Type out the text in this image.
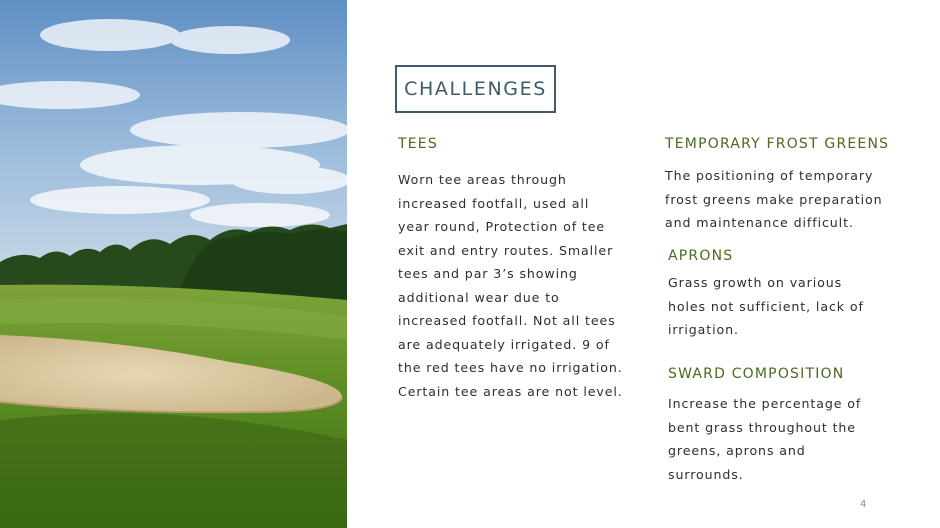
CHALLENGES
TEES
Worn tee areas through
increased footfall, used all
year round, Protection of tee
exit and entry routes. Smaller
tees and par 3’s showing
additional wear due to
increased footfall. Not all tees
are adequately irrigated. 9 of
the red tees have no irrigation.
Certain tee areas are not level.
TEMPORARY FROST GREENS
The positioning of temporary
frost greens make preparation
and maintenance difficult.
APRONS
Grass growth on various
holes not sufficient, lack of
irrigation.
SWARD COMPOSITION
Increase the percentage of
bent grass throughout the
greens, aprons and
surrounds.
4
